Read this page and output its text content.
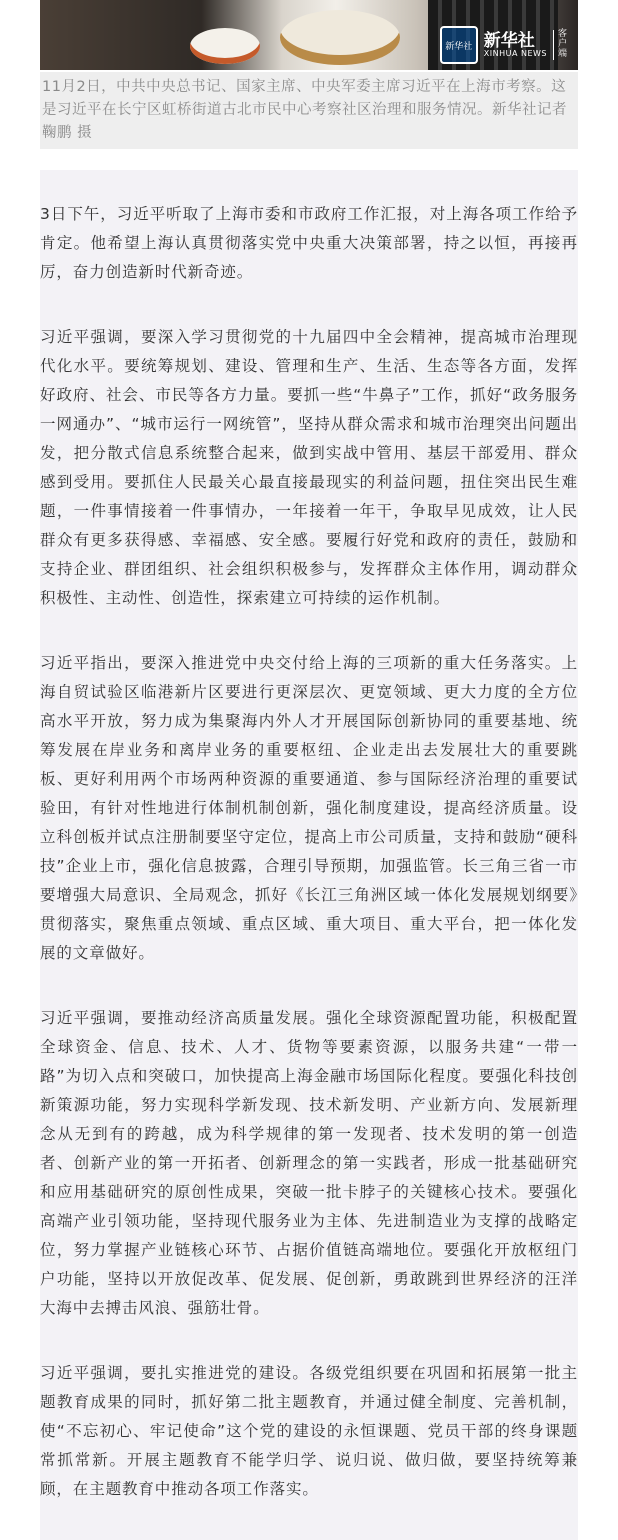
新华社 新华社
XINHUA NEWS
客户端
11月2日，中共中央总书记、国家主席、中央军委主席习近平在上海市考察。这是习近平在长宁区虹桥街道古北市民中心考察社区治理和服务情况。新华社记者 鞠鹏 摄

3日下午，习近平听取了上海市委和市政府工作汇报，对上海各项工作给予肯定。他希望上海认真贯彻落实党中央重大决策部署，持之以恒，再接再厉，奋力创造新时代新奇迹。

习近平强调，要深入学习贯彻党的十九届四中全会精神，提高城市治理现代化水平。要统筹规划、建设、管理和生产、生活、生态等各方面，发挥好政府、社会、市民等各方力量。要抓一些“牛鼻子”工作，抓好“政务服务一网通办”、“城市运行一网统管”，坚持从群众需求和城市治理突出问题出发，把分散式信息系统整合起来，做到实战中管用、基层干部爱用、群众感到受用。要抓住人民最关心最直接最现实的利益问题，扭住突出民生难题，一件事情接着一件事情办，一年接着一年干，争取早见成效，让人民群众有更多获得感、幸福感、安全感。要履行好党和政府的责任，鼓励和支持企业、群团组织、社会组织积极参与，发挥群众主体作用，调动群众积极性、主动性、创造性，探索建立可持续的运作机制。

习近平指出，要深入推进党中央交付给上海的三项新的重大任务落实。上海自贸试验区临港新片区要进行更深层次、更宽领域、更大力度的全方位高水平开放，努力成为集聚海内外人才开展国际创新协同的重要基地、统筹发展在岸业务和离岸业务的重要枢纽、企业走出去发展壮大的重要跳板、更好利用两个市场两种资源的重要通道、参与国际经济治理的重要试验田，有针对性地进行体制机制创新，强化制度建设，提高经济质量。设立科创板并试点注册制要坚守定位，提高上市公司质量，支持和鼓励“硬科技”企业上市，强化信息披露，合理引导预期，加强监管。长三角三省一市要增强大局意识、全局观念，抓好《长江三角洲区域一体化发展规划纲要》贯彻落实，聚焦重点领域、重点区域、重大项目、重大平台，把一体化发展的文章做好。

习近平强调，要推动经济高质量发展。强化全球资源配置功能，积极配置全球资金、信息、技术、人才、货物等要素资源，以服务共建“一带一路”为切入点和突破口，加快提高上海金融市场国际化程度。要强化科技创新策源功能，努力实现科学新发现、技术新发明、产业新方向、发展新理念从无到有的跨越，成为科学规律的第一发现者、技术发明的第一创造者、创新产业的第一开拓者、创新理念的第一实践者，形成一批基础研究和应用基础研究的原创性成果，突破一批卡脖子的关键核心技术。要强化高端产业引领功能，坚持现代服务业为主体、先进制造业为支撑的战略定位，努力掌握产业链核心环节、占据价值链高端地位。要强化开放枢纽门户功能，坚持以开放促改革、促发展、促创新，勇敢跳到世界经济的汪洋大海中去搏击风浪、强筋壮骨。

习近平强调，要扎实推进党的建设。各级党组织要在巩固和拓展第一批主题教育成果的同时，抓好第二批主题教育，并通过健全制度、完善机制，使“不忘初心、牢记使命”这个党的建设的永恒课题、党员干部的终身课题常抓常新。开展主题教育不能学归学、说归说、做归做，要坚持统筹兼顾，在主题教育中推动各项工作落实。
